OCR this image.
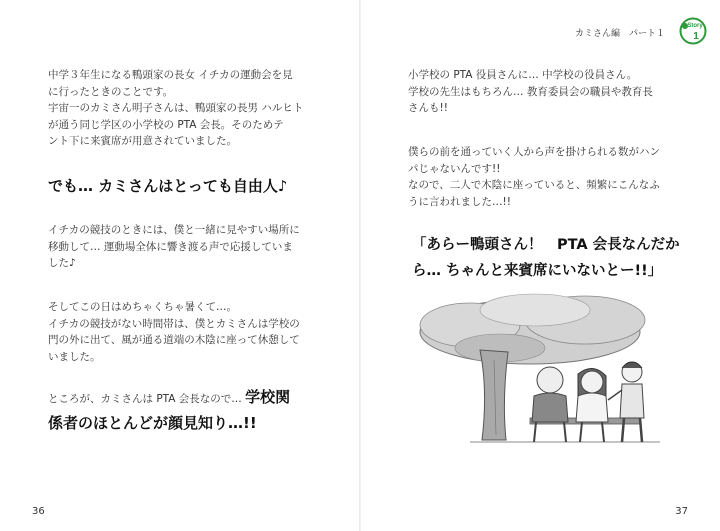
中学３年生になる鴨頭家の長女 イチカの運動会を見
に行ったときのことです。
宇宙一のカミさん明子さんは、鴨頭家の長男 ハルヒト
が通う同じ学区の小学校の PTA 会長。そのためテ
ント下に来賓席が用意されていました。
でも… カミさんはとっても自由人♪
イチカの競技のときには、僕と一緒に見やすい場所に
移動して… 運動場全体に響き渡る声で応援していま
した♪
そしてこの日はめちゃくちゃ暑くて…。
イチカの競技がない時間帯は、僕とカミさんは学校の
門の外に出て、風が通る道端の木陰に座って休憩して
いました。
ところが、カミさんは PTA 会長なので… 学校関
係者のほとんどが顔見知り…!!
36
カミさん編　パート１
Story
1
小学校の PTA 役員さんに… 中学校の役員さん。
学校の先生はもちろん… 教育委員会の職員や教育長
さんも!!
僕らの前を通っていく人から声を掛けられる数がハン
パじゃないんです!!
なので、二人で木陰に座っていると、頻繁にこんなふ
うに言われました…!!
「あらー鴨頭さん！　PTA 会長なんだか
ら… ちゃんと来賓席にいないとー!!」
37
